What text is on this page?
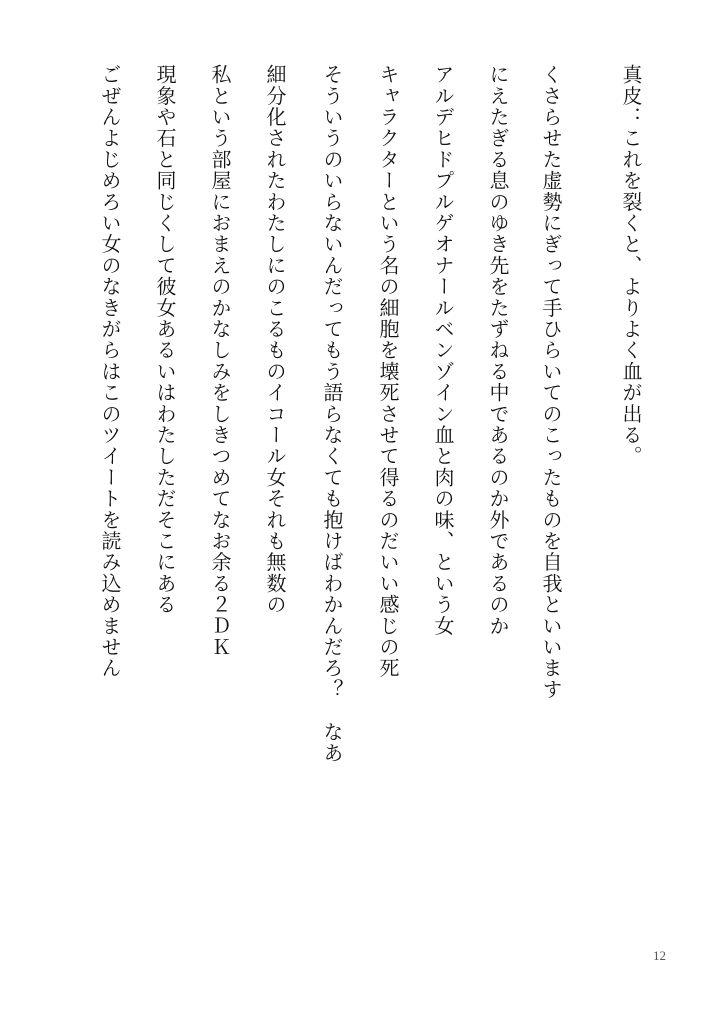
真皮：これを裂くと、よりよく血が出る。
くさらせた虚勢にぎって手ひらいてのこったものを自我といいます
にえたぎる息のゆき先をたずねる中であるのか外であるのか
アルデヒドプルゲオナールベンゾイン血と肉の味、という女
キャラクターという名の細胞を壊死させて得るのだいい感じの死
そういうのいらないんだってもう語らなくても抱けばわかんだろ？　なあ
細分化されたわたしにのこるものイコール女それも無数の
私という部屋におまえのかなしみをしきつめてなお余る２ＤＫ
現象や石と同じくして彼女あるいはわたしただそこにある
ごぜんよじめろい女のなきがらはこのツイートを読み込めません
12
